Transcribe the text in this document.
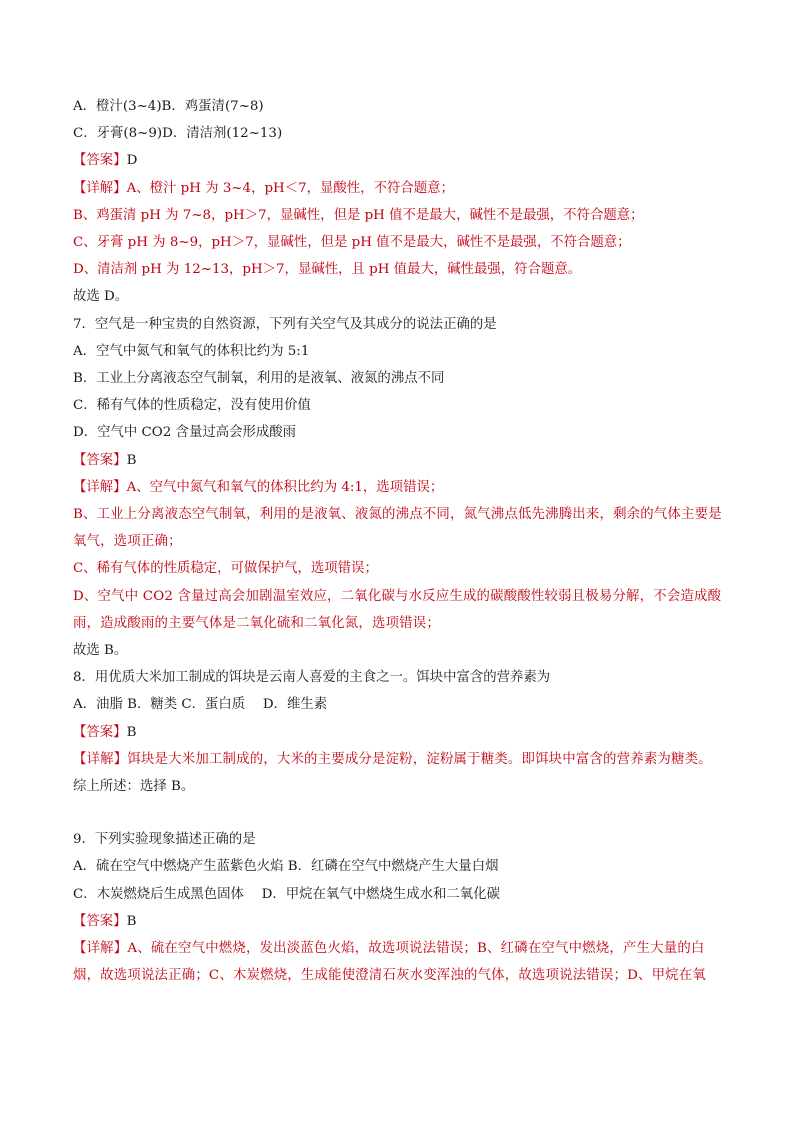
A．橙汁(3~4)B．鸡蛋清(7~8)
C．牙膏(8~9)D．清洁剂(12~13)
【答案】D
【详解】A、橙汁 pH 为 3~4，pH＜7，显酸性，不符合题意；
B、鸡蛋清 pH 为 7~8，pH＞7，显碱性，但是 pH 值不是最大，碱性不是最强，不符合题意；
C、牙膏 pH 为 8~9，pH＞7，显碱性，但是 pH 值不是最大，碱性不是最强，不符合题意；
D、清洁剂 pH 为 12~13，pH＞7，显碱性，且 pH 值最大，碱性最强，符合题意。
故选 D。
7．空气是一种宝贵的自然资源，下列有关空气及其成分的说法正确的是
A．空气中氮气和氧气的体积比约为 5:1
B．工业上分离液态空气制氧，利用的是液氧、液氮的沸点不同
C．稀有气体的性质稳定，没有使用价值
D．空气中 CO2 含量过高会形成酸雨
【答案】B
【详解】A、空气中氮气和氧气的体积比约为 4:1，选项错误；
B、工业上分离液态空气制氧，利用的是液氧、液氮的沸点不同，氮气沸点低先沸腾出来，剩余的气体主要是氧气，选项正确；
C、稀有气体的性质稳定，可做保护气，选项错误；
D、空气中 CO2 含量过高会加剧温室效应，二氧化碳与水反应生成的碳酸酸性较弱且极易分解，不会造成酸雨，造成酸雨的主要气体是二氧化硫和二氧化氮，选项错误；
故选 B。
8．用优质大米加工制成的饵块是云南人喜爱的主食之一。饵块中富含的营养素为
A．油脂 B．糖类 C．蛋白质　 D．维生素
【答案】B
【详解】饵块是大米加工制成的，大米的主要成分是淀粉，淀粉属于糖类。即饵块中富含的营养素为糖类。
综上所述：选择 B。
9．下列实验现象描述正确的是
A．硫在空气中燃烧产生蓝紫色火焰 B．红磷在空气中燃烧产生大量白烟
C．木炭燃烧后生成黑色固体　 D．甲烷在氧气中燃烧生成水和二氧化碳
【答案】B
【详解】A、硫在空气中燃烧，发出淡蓝色火焰，故选项说法错误；B、红磷在空气中燃烧，产生大量的白烟，故选项说法正确；C、木炭燃烧，生成能使澄清石灰水变浑浊的气体，故选项说法错误；D、甲烷在氧
